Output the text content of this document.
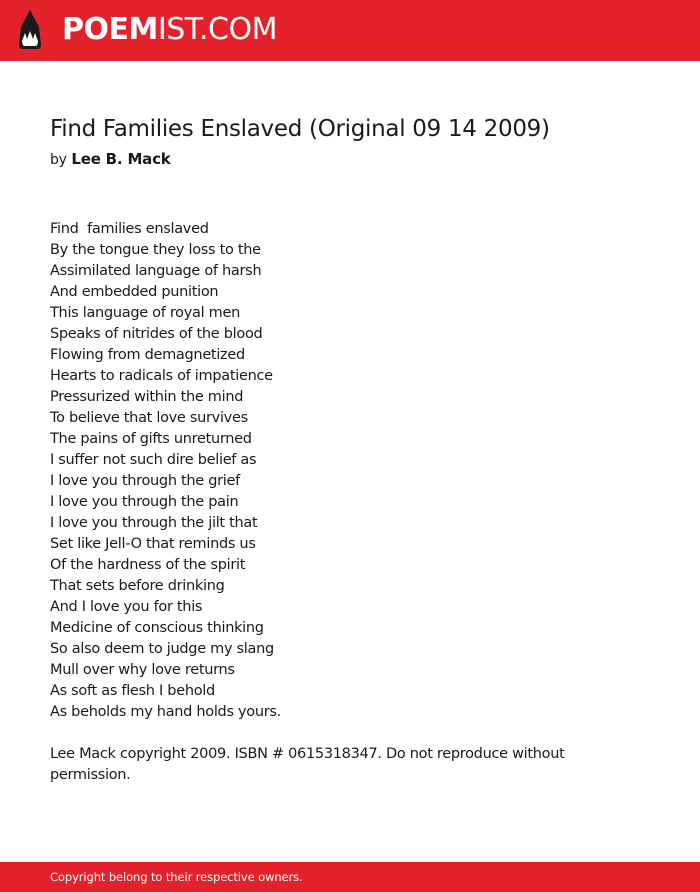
POEMIST.COM
Find Families Enslaved (Original 09 14 2009)
by Lee B. Mack
Find  families enslaved
By the tongue they loss to the
Assimilated language of harsh
And embedded punition
This language of royal men
Speaks of nitrides of the blood
Flowing from demagnetized
Hearts to radicals of impatience
Pressurized within the mind
To believe that love survives
The pains of gifts unreturned
I suffer not such dire belief as
I love you through the grief
I love you through the pain
I love you through the jilt that
Set like Jell-O that reminds us
Of the hardness of the spirit
That sets before drinking
And I love you for this
Medicine of conscious thinking
So also deem to judge my slang
Mull over why love returns
As soft as flesh I behold
As beholds my hand holds yours.
Lee Mack copyright 2009. ISBN # 0615318347. Do not reproduce without permission.
Copyright belong to their respective owners.
